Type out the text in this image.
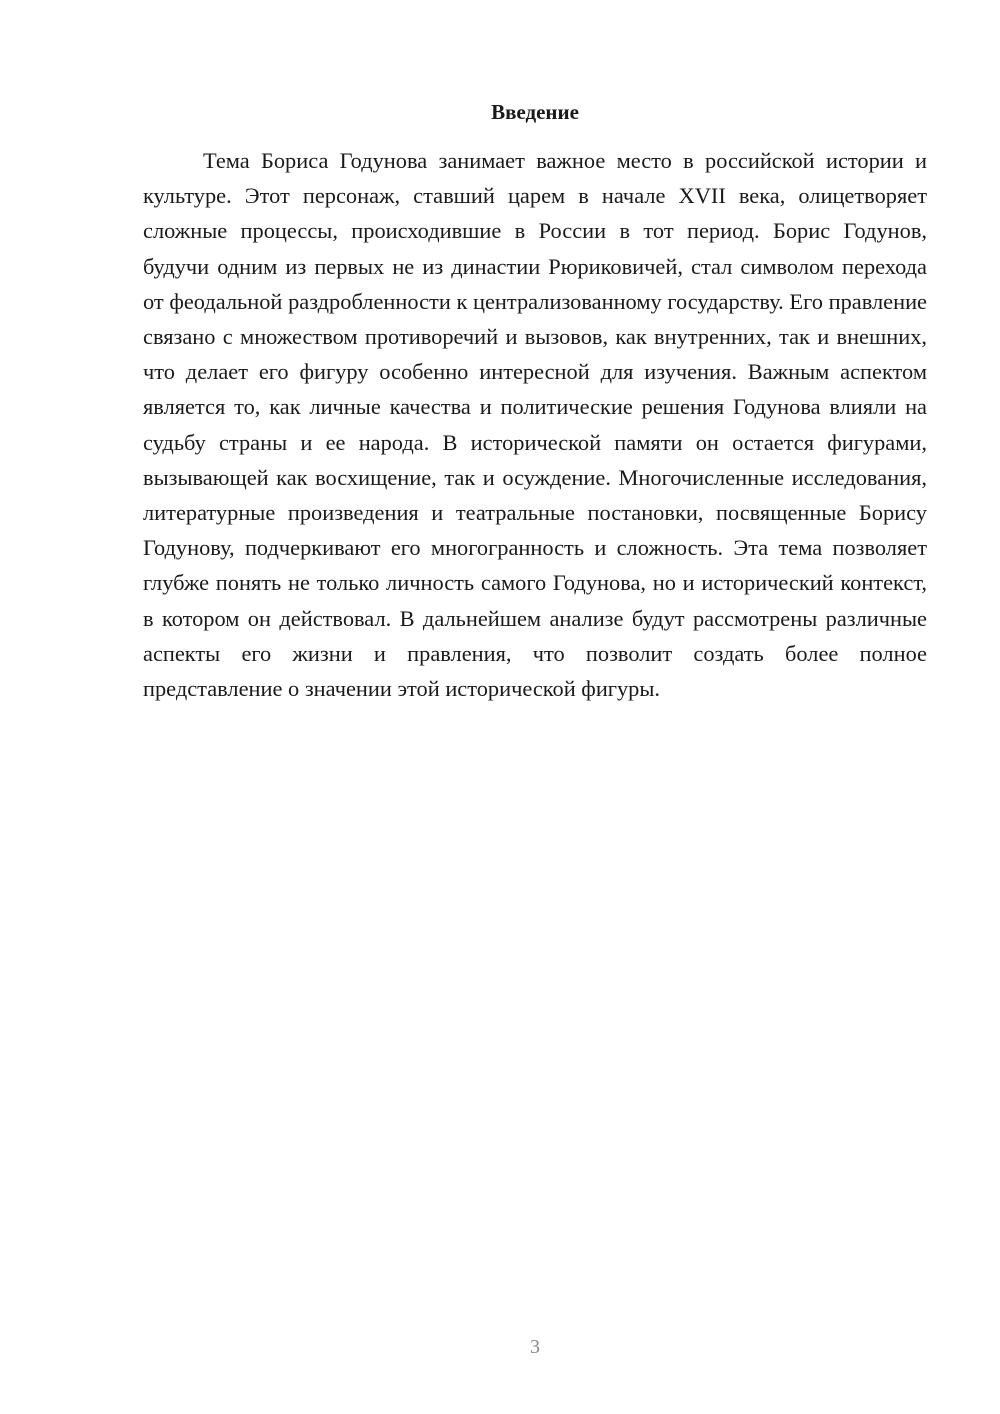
Введение

Тема Бориса Годунова занимает важное место в российской истории и культуре. Этот персонаж, ставший царем в начале XVII века, олицетворяет сложные процессы, происходившие в России в тот период. Борис Годунов, будучи одним из первых не из династии Рюриковичей, стал символом перехода от феодальной раздробленности к централизованному государству. Его правление связано с множеством противоречий и вызовов, как внутренних, так и внешних, что делает его фигуру особенно интересной для изучения. Важным аспектом является то, как личные качества и политические решения Годунова влияли на судьбу страны и ее народа. В исторической памяти он остается фигурами, вызывающей как восхищение, так и осуждение. Многочисленные исследования, литературные произведения и театральные постановки, посвященные Борису Годунову, подчеркивают его многогранность и сложность. Эта тема позволяет глубже понять не только личность самого Годунова, но и исторический контекст, в котором он действовал. В дальнейшем анализе будут рассмотрены различные аспекты его жизни и правления, что позволит создать более полное представление о значении этой исторической фигуры.

3
